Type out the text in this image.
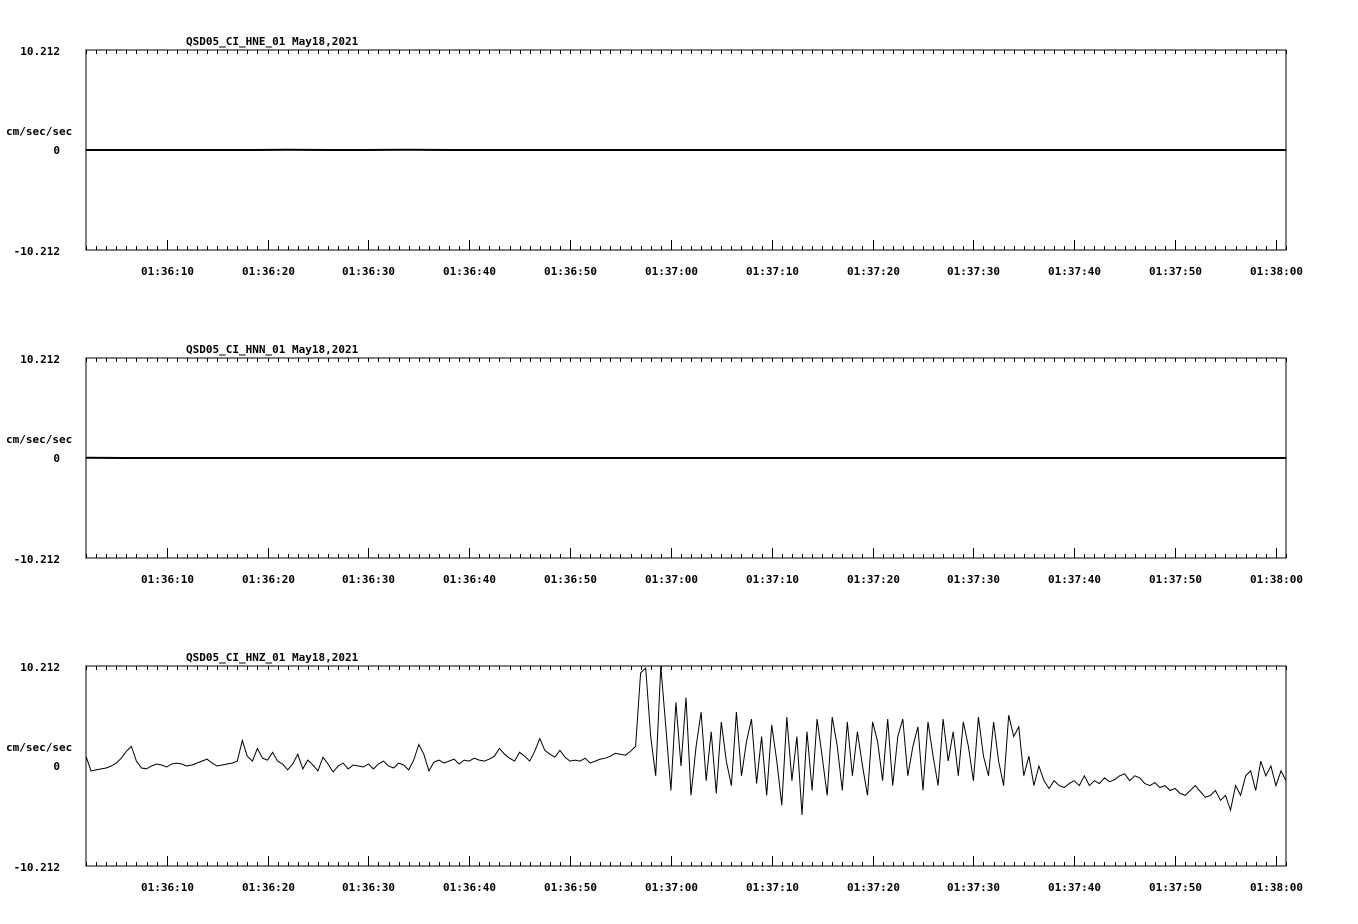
01:36:10	01:36:20	01:36:30	01:36:40	01:36:50	01:37:00	01:37:10	01:37:20	01:37:30	01:37:40	01:37:50	01:38:00
10.212
0
-10.212
cm/sec/sec
QSD05_CI_HNE_01 May18,2021
01:36:10	01:36:20	01:36:30	01:36:40	01:36:50	01:37:00	01:37:10	01:37:20	01:37:30	01:37:40	01:37:50	01:38:00
10.212
0
-10.212
cm/sec/sec
QSD05_CI_HNN_01 May18,2021
01:36:10	01:36:20	01:36:30	01:36:40	01:36:50	01:37:00	01:37:10	01:37:20	01:37:30	01:37:40	01:37:50	01:38:00
10.212
0
-10.212
cm/sec/sec
QSD05_CI_HNZ_01 May18,2021
